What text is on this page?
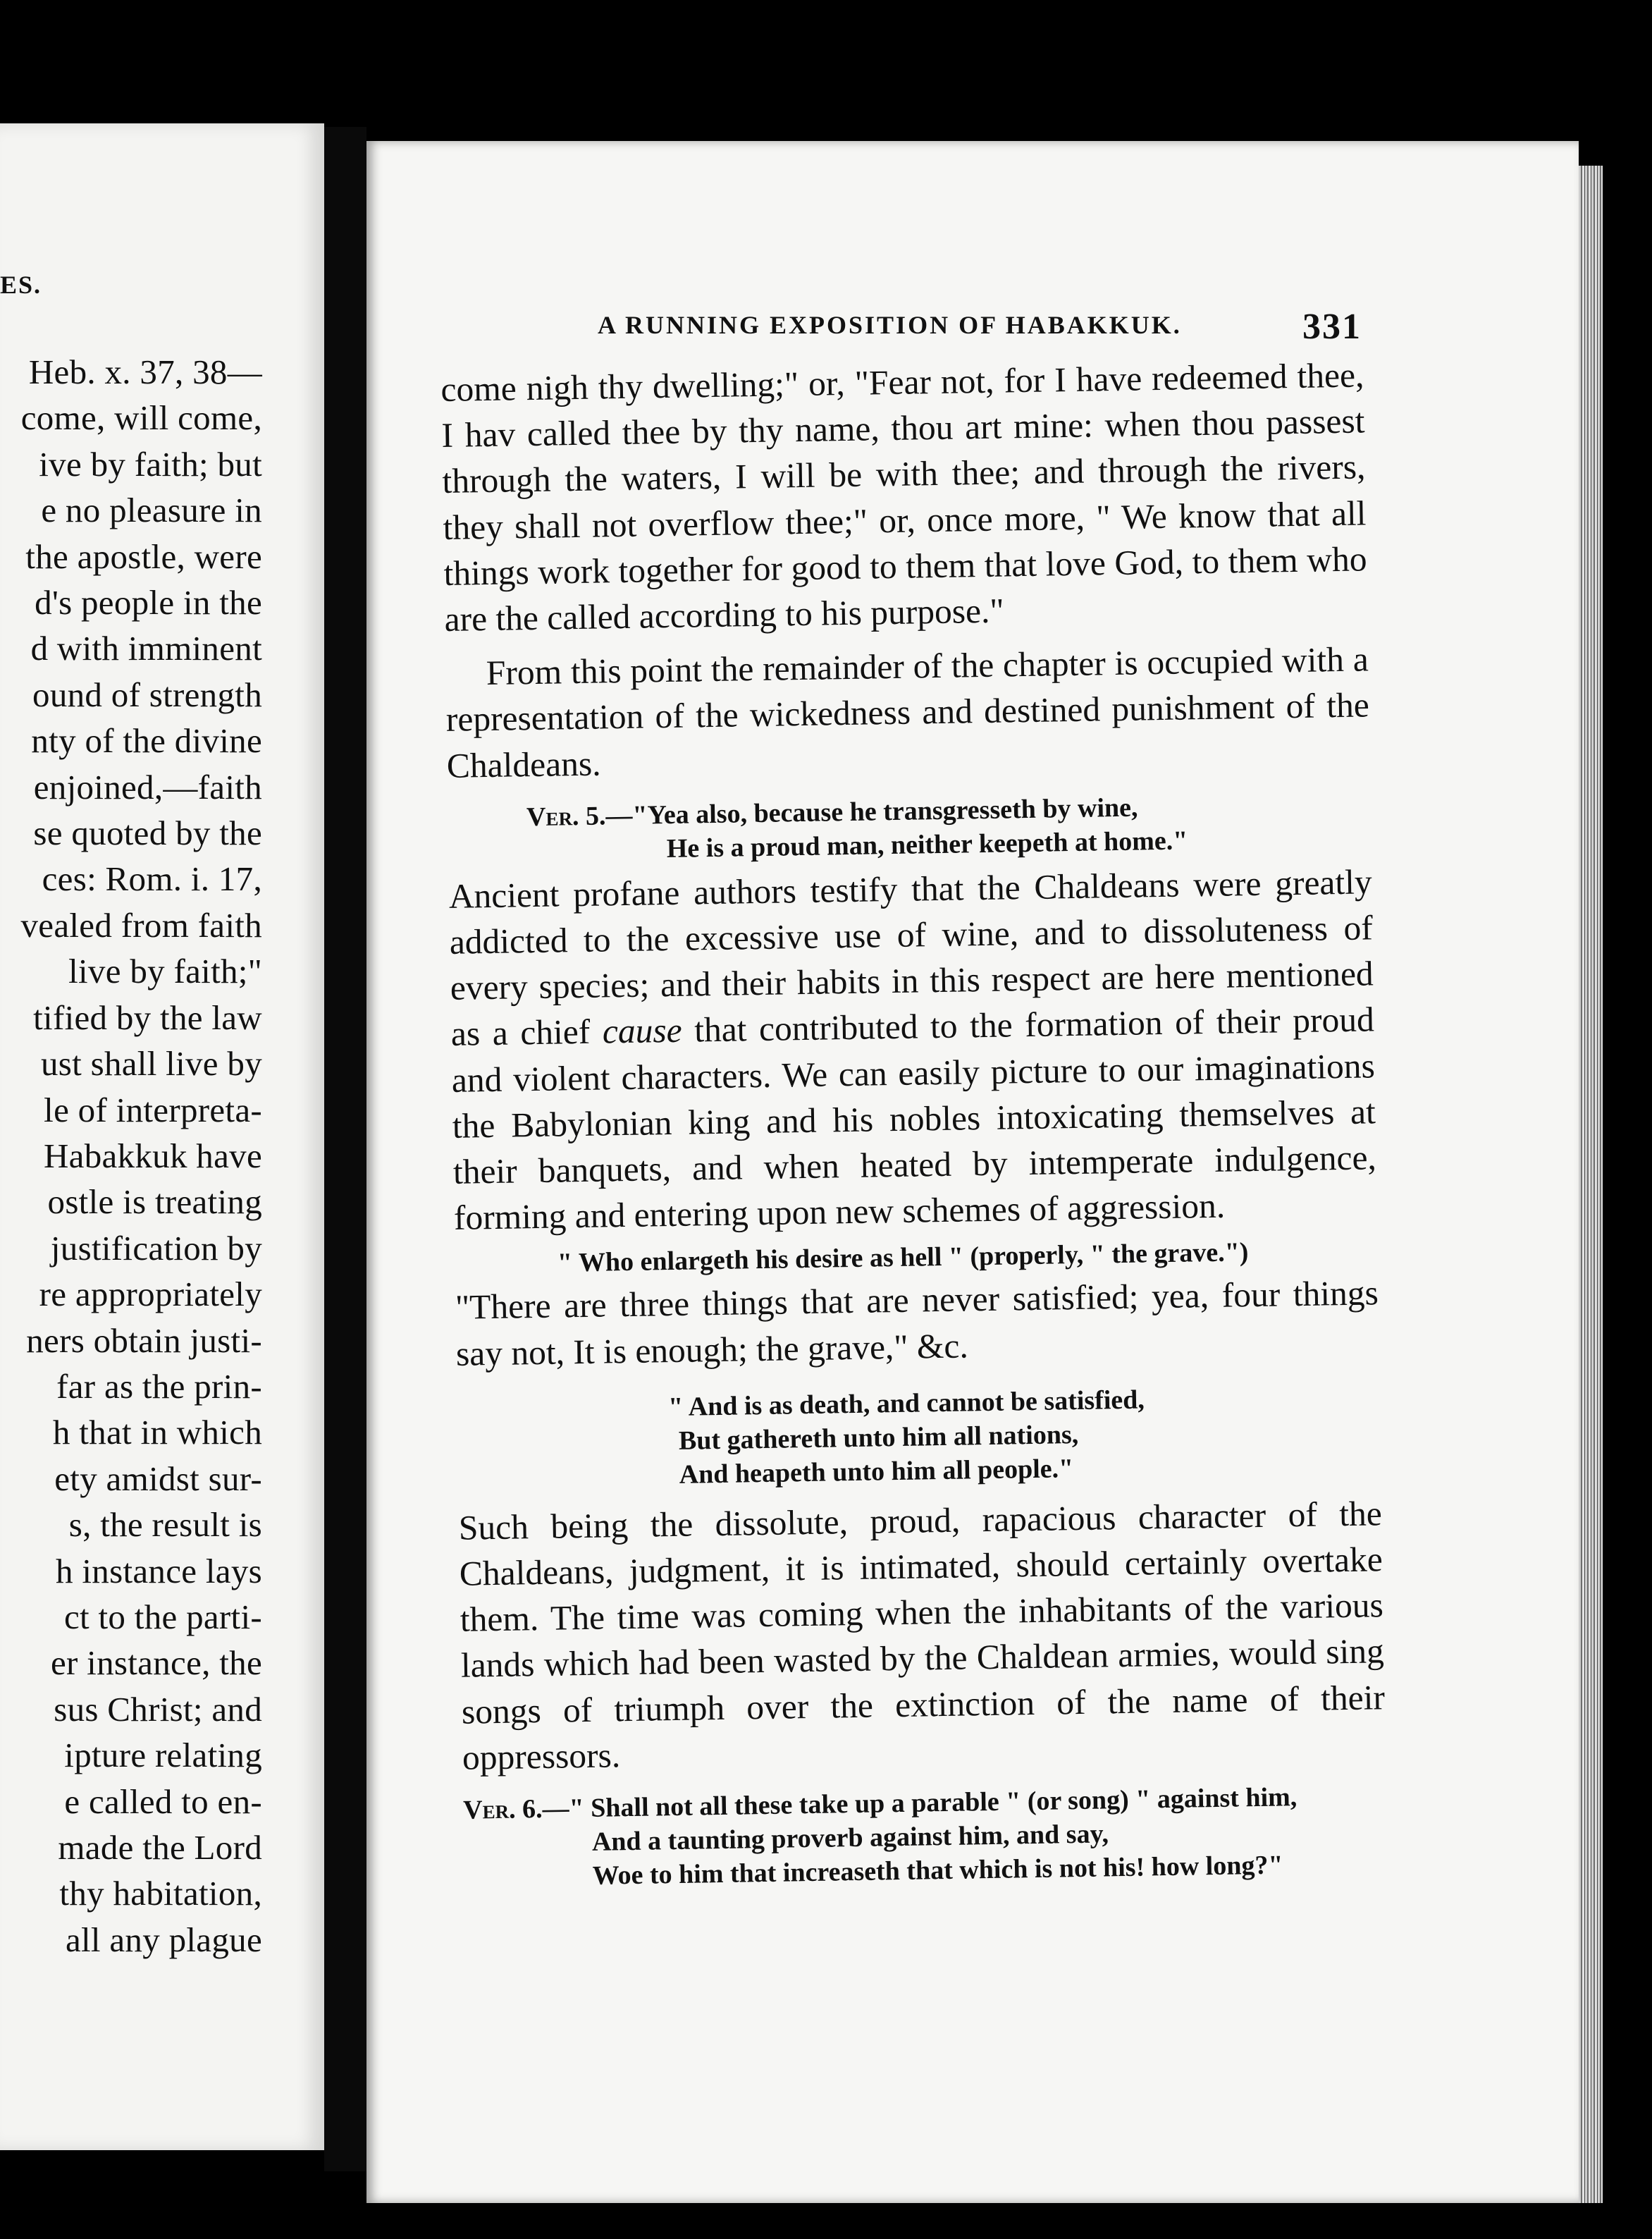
ES.
Heb. x. 37, 38—
come, will come,
ive by faith; but
e no pleasure in
the apostle, were
d's people in the
d with imminent
ound of strength
nty of the divine
enjoined,—faith
se quoted by the
ces: Rom. i. 17,
vealed from faith
live by faith;"
tified by the law
ust shall live by
le of interpreta-
Habakkuk have
ostle is treating
justification by
re appropriately
ners obtain justi-
far as the prin-
h that in which
ety amidst sur-
s, the result is
h instance lays
ct to the parti-
er instance, the
sus Christ; and
ipture relating
e called to en-
made the Lord
thy habitation,
all any plague
A RUNNING EXPOSITION OF HABAKKUK.	331

come nigh thy dwelling;" or, "Fear not, for I have redeemed thee, I hav called thee by thy name, thou art mine: when thou passest through the waters, I will be with thee; and through the rivers, they shall not overflow thee;" or, once more, " We know that all things work together for good to them that love God, to them who are the called according to his purpose."

From this point the remainder of the chapter is occupied with a representation of the wickedness and destined punishment of the Chaldeans.

Ver. 5.—"Yea also, because he transgresseth by wine,

He is a proud man, neither keepeth at home."

Ancient profane authors testify that the Chaldeans were greatly addicted to the excessive use of wine, and to dissoluteness of every species; and their habits in this respect are here mentioned as a chief cause that contributed to the formation of their proud and violent characters. We can easily picture to our imaginations the Babylonian king and his nobles intoxicating themselves at their banquets, and when heated by intemperate indulgence, forming and entering upon new schemes of aggression.

" Who enlargeth his desire as hell " (properly, " the grave.")

"There are three things that are never satisfied; yea, four things say not, It is enough; the grave," &c.

" And is as death, and cannot be satisfied,

But gathereth unto him all nations,

And heapeth unto him all people."

Such being the dissolute, proud, rapacious character of the Chaldeans, judgment, it is intimated, should certainly overtake them. The time was coming when the inhabitants of the various lands which had been wasted by the Chaldean armies, would sing songs of triumph over the extinction of the name of their oppressors.

Ver. 6.—" Shall not all these take up a parable " (or song) " against him,

And a taunting proverb against him, and say,

Woe to him that increaseth that which is not his! how long?"
